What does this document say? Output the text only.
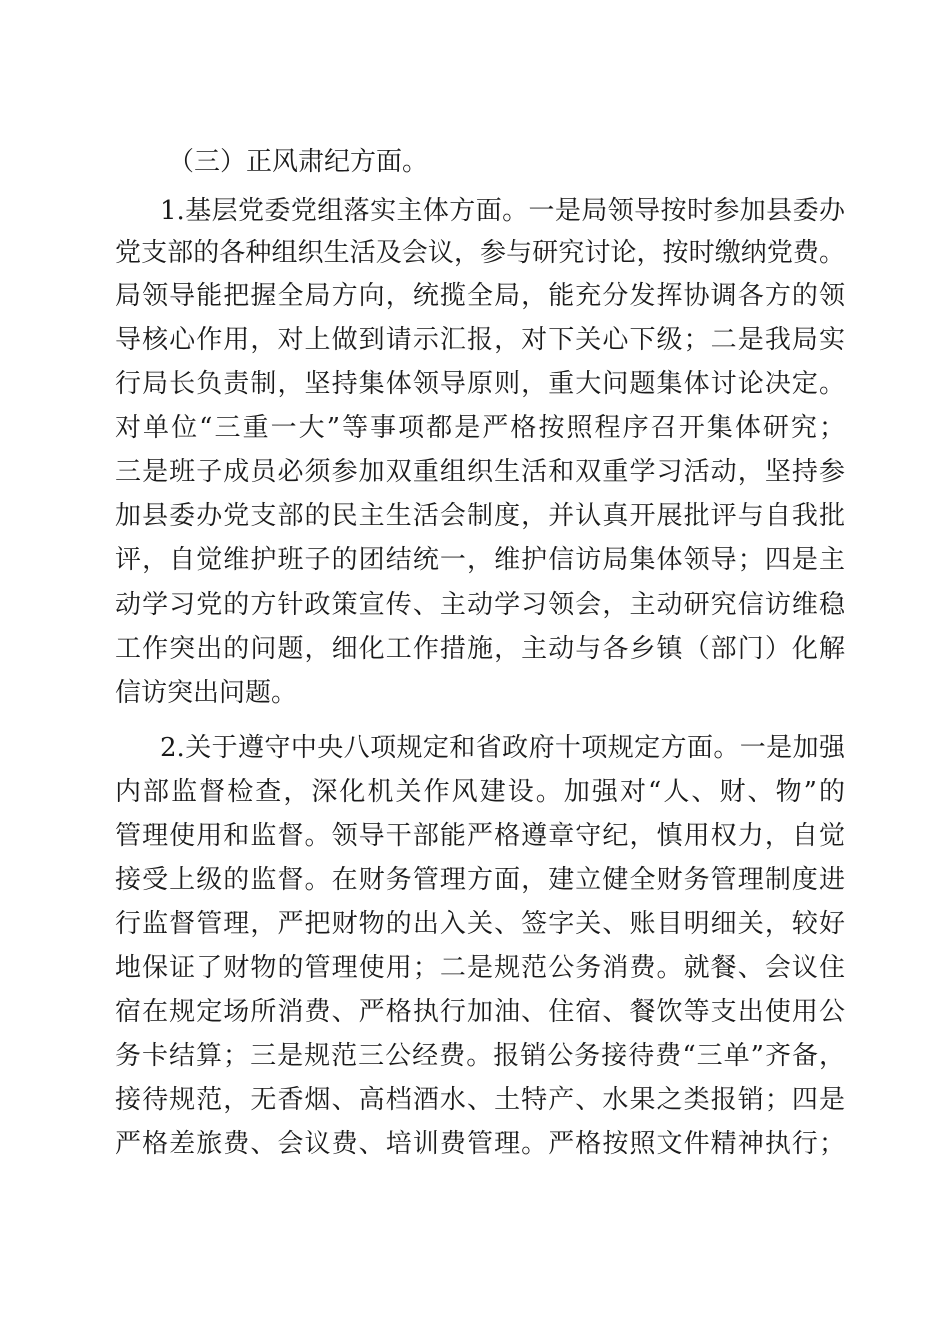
（三）正风肃纪方面。

1.基层党委党组落实主体方面。一是局领导按时参加县委办

党支部的各种组织生活及会议，参与研究讨论，按时缴纳党费。

局领导能把握全局方向，统揽全局，能充分发挥协调各方的领

导核心作用，对上做到请示汇报，对下关心下级；二是我局实

行局长负责制，坚持集体领导原则，重大问题集体讨论决定。

对单位“三重一大”等事项都是严格按照程序召开集体研究；

三是班子成员必须参加双重组织生活和双重学习活动，坚持参

加县委办党支部的民主生活会制度，并认真开展批评与自我批

评，自觉维护班子的团结统一，维护信访局集体领导；四是主

动学习党的方针政策宣传、主动学习领会，主动研究信访维稳

工作突出的问题，细化工作措施，主动与各乡镇（部门）化解

信访突出问题。

2.关于遵守中央八项规定和省政府十项规定方面。一是加强

内部监督检查，深化机关作风建设。加强对“人、财、物”的

管理使用和监督。领导干部能严格遵章守纪，慎用权力，自觉

接受上级的监督。在财务管理方面，建立健全财务管理制度进

行监督管理，严把财物的出入关、签字关、账目明细关，较好

地保证了财物的管理使用；二是规范公务消费。就餐、会议住

宿在规定场所消费、严格执行加油、住宿、餐饮等支出使用公

务卡结算；三是规范三公经费。报销公务接待费“三单”齐备，

接待规范，无香烟、高档酒水、土特产、水果之类报销；四是

严格差旅费、会议费、培训费管理。严格按照文件精神执行；
